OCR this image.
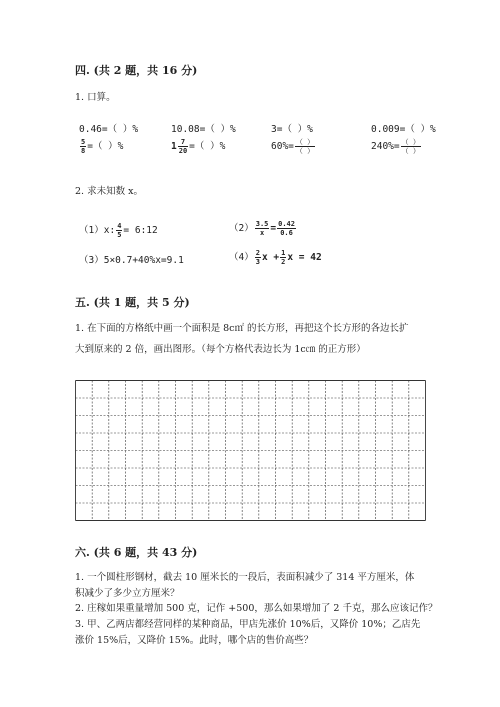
四. (共 2 题，共 16 分)
1. 口算。
0.46=（ ）%	10.08=（ ）%	3=（ ）%	0.009=（ ）%
$\frac{5}{8}$ =（ ）%	$1 \frac{7}{20}$ =（ ）%	$60\%= \frac{( )}{( )}$	$240\%= \frac{( )}{( )}$
2. 求未知数 x。
（1）x: $\frac{4}{5}$ = 6:12	$(2) \frac{3.5}{x} = \frac{0.42}{0.6}$
（3）5×0.7+40%x=9.1	$(4) \frac{2}{3}$ $x + \frac{1}{2}$ x = 42
五. (共 1 题，共 5 分)
1. 在下面的方格纸中画一个面积是 8c㎡ 的长方形，再把这个长方形的各边长扩
大到原来的 2 倍，画出图形。（每个方格代表边长为 1c㎝ 的正方形）
六. (共 6 题，共 43 分)
1. 一个圆柱形钢材，截去 10 厘米长的一段后，表面积减少了 314 平方厘米，体
积减少了多少立方厘米？
2. 庄稼如果重量增加 500 克，记作 +500，那么如果增加了 2 千克，那么应该记作？
3. 甲、乙两店都经营同样的某种商品，甲店先涨价 10%后，又降价 10%；乙店先
涨价 15%后，又降价 15%。此时，哪个店的售价高些？
